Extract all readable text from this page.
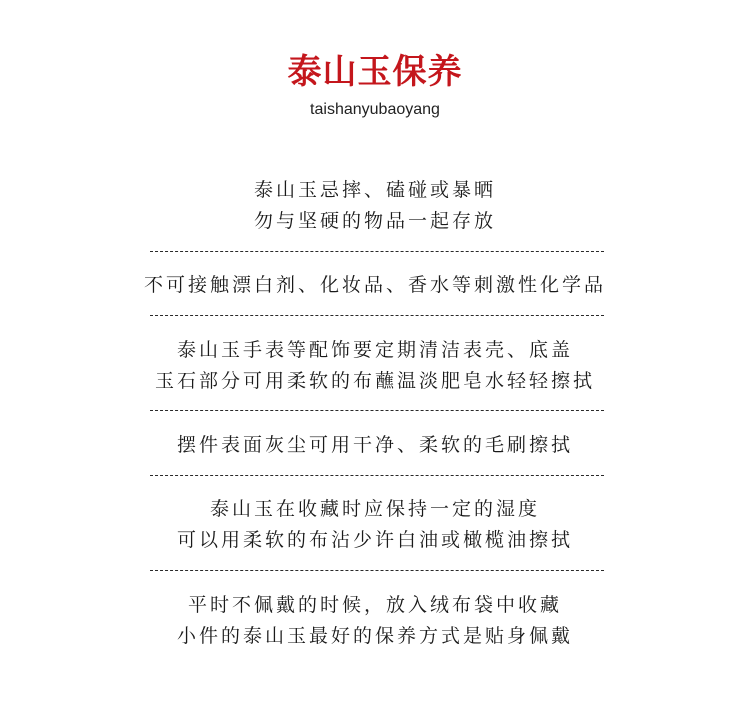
泰山玉保养
taishanyubaoyang
泰山玉忌摔、磕碰或暴晒
勿与坚硬的物品一起存放
不可接触漂白剂、化妆品、香水等刺激性化学品
泰山玉手表等配饰要定期清洁表壳、底盖
玉石部分可用柔软的布蘸温淡肥皂水轻轻擦拭
摆件表面灰尘可用干净、柔软的毛刷擦拭
泰山玉在收藏时应保持一定的湿度
可以用柔软的布沾少许白油或橄榄油擦拭
平时不佩戴的时候，放入绒布袋中收藏
小件的泰山玉最好的保养方式是贴身佩戴
